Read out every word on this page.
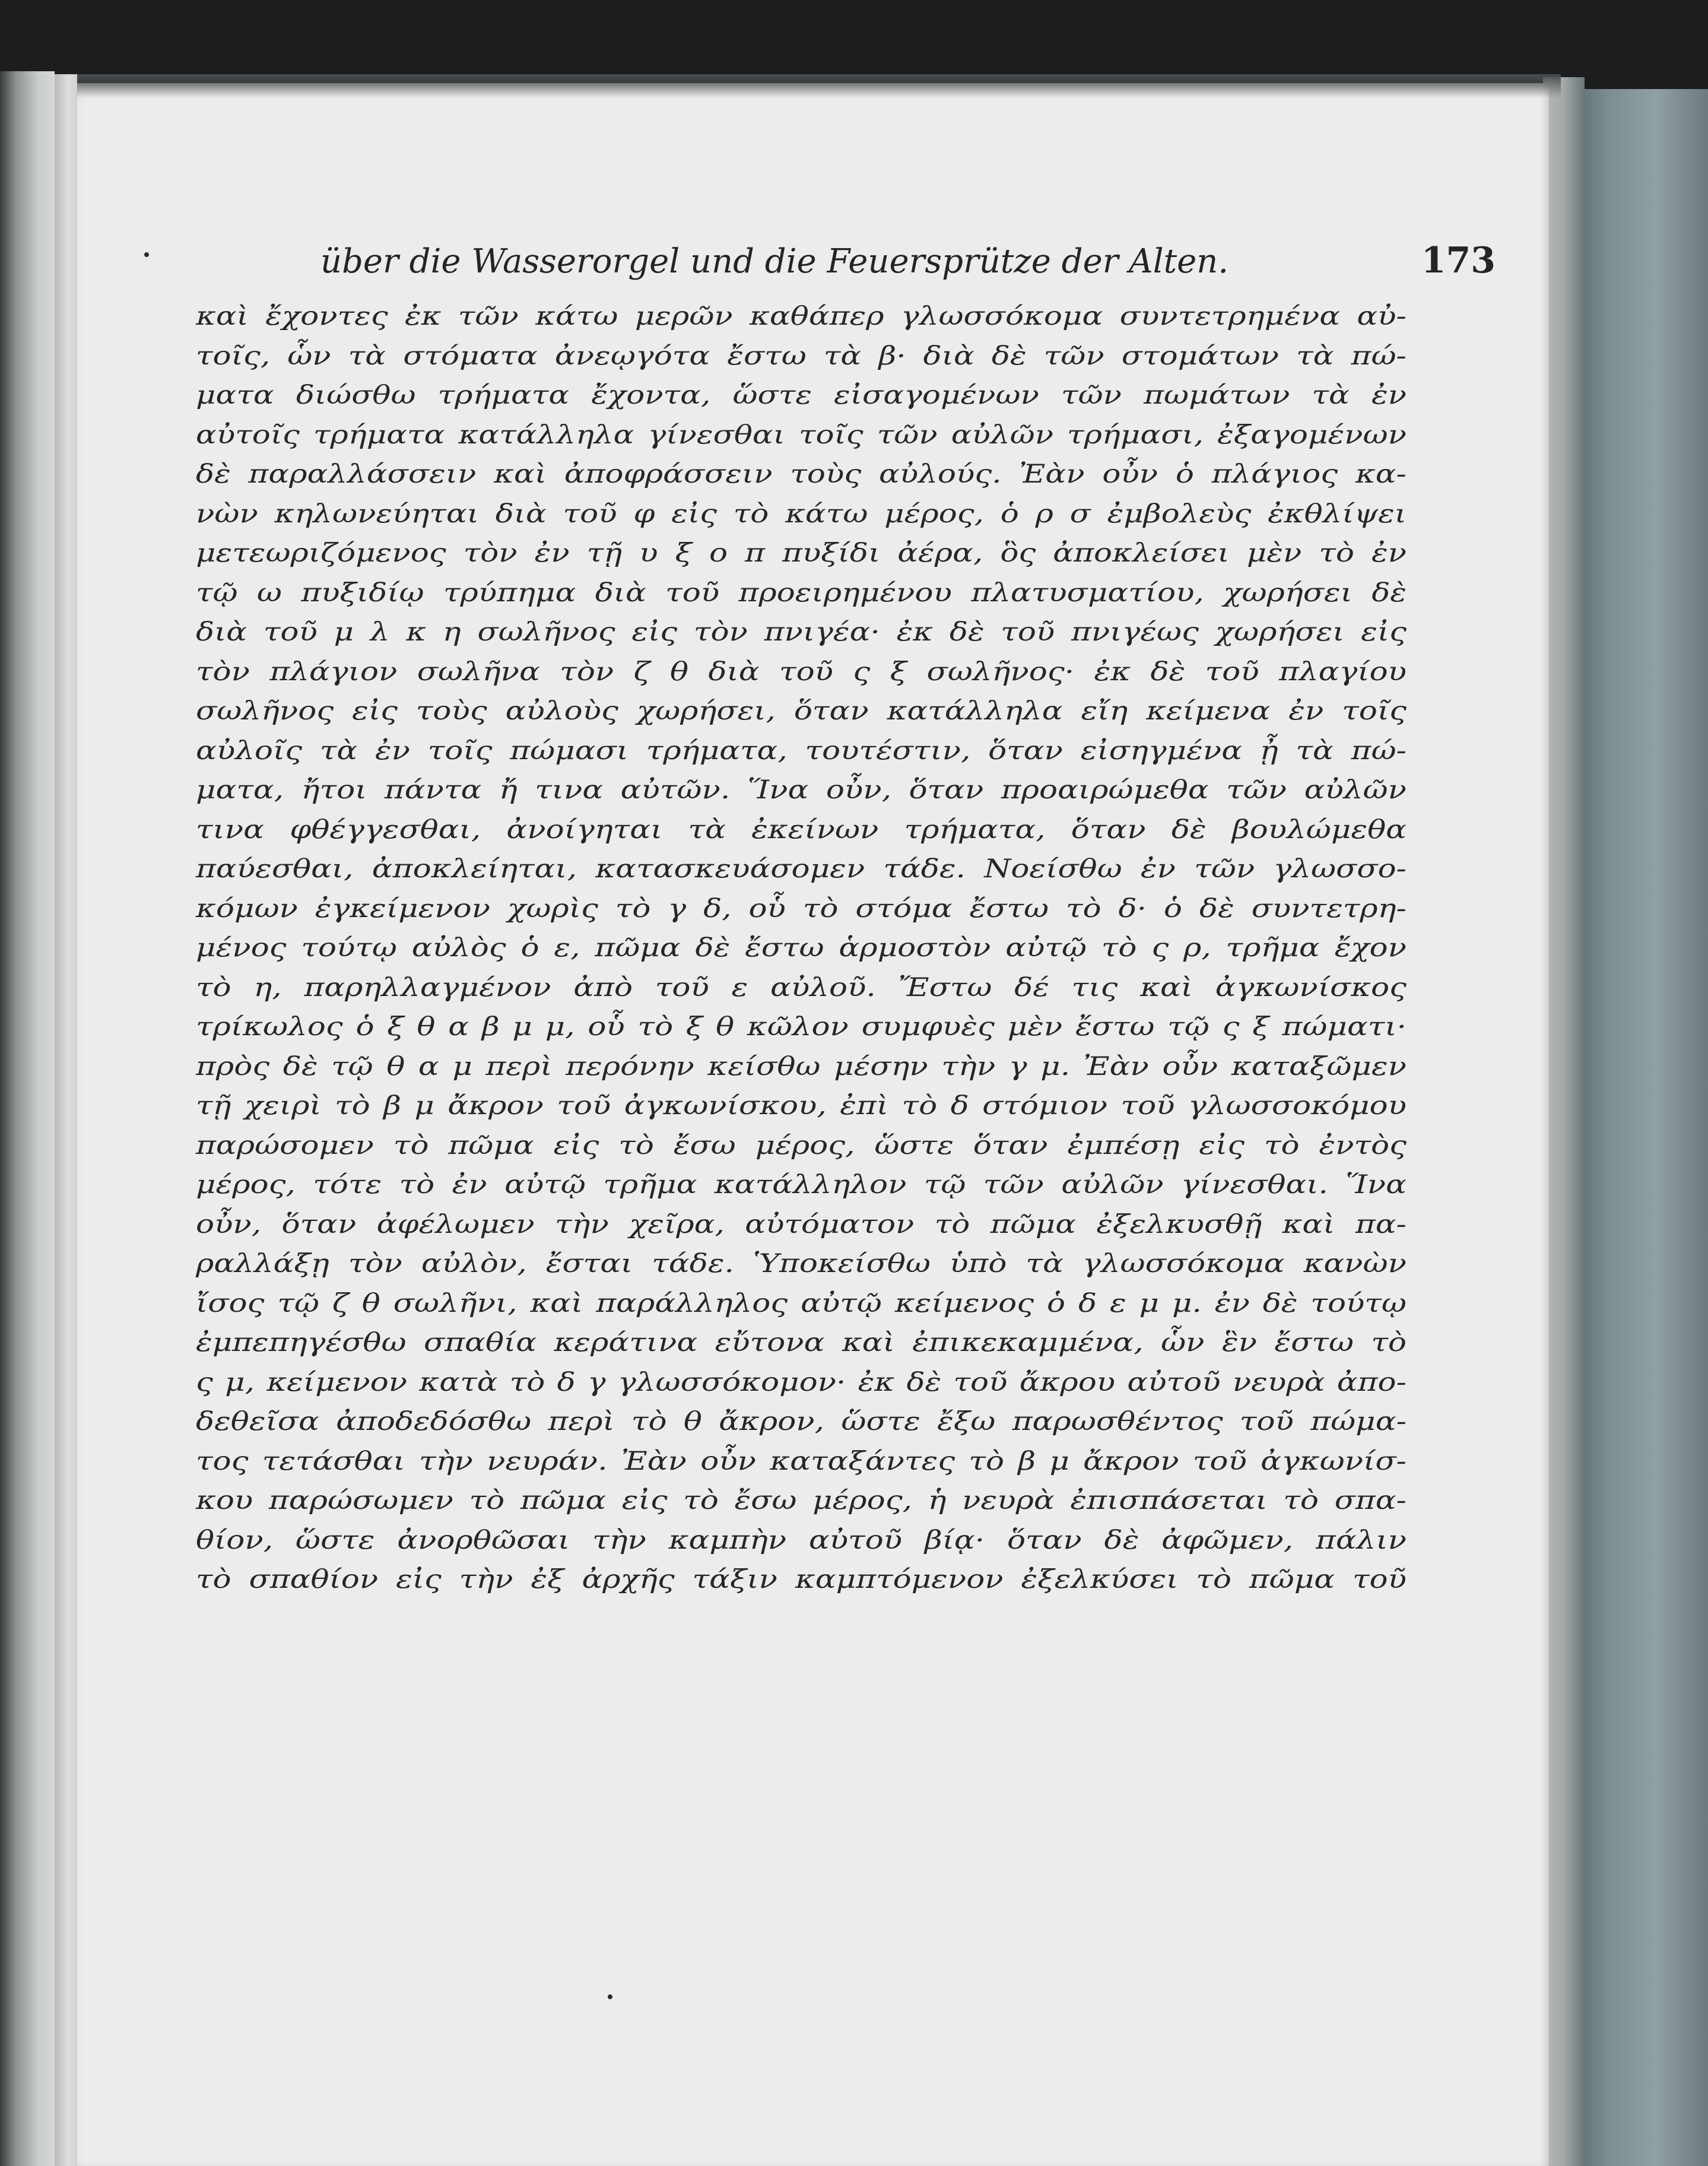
über die Wasserorgel und die Feuersprütze der Alten.	173
καὶ ἔχοντες ἐκ τῶν κάτω μερῶν καθάπερ γλωσσόκομα συντετρημένα αὐ-
τοῖς, ὧν τὰ στόματα ἀνεῳγότα ἔστω τὰ β· διὰ δὲ τῶν στομάτων τὰ πώ-
ματα διώσθω τρήματα ἔχοντα, ὥστε εἰσαγομένων τῶν πωμάτων τὰ ἐν
αὐτοῖς τρήματα κατάλληλα γίνεσθαι τοῖς τῶν αὐλῶν τρήμασι, ἐξαγομένων
δὲ παραλλάσσειν καὶ ἀποφράσσειν τοὺς αὐλούς. Ἐὰν οὖν ὁ πλάγιος κα-
νὼν κηλωνεύηται διὰ τοῦ φ εἰς τὸ κάτω μέρος, ὁ ρ σ ἐμβολεὺς ἐκθλίψει
μετεωριζόμενος τὸν ἐν τῇ υ ξ ο π πυξίδι ἀέρα, ὃς ἀποκλείσει μὲν τὸ ἐν
τῷ ω πυξιδίῳ τρύπημα διὰ τοῦ προειρημένου πλατυσματίου, χωρήσει δὲ
διὰ τοῦ μ λ κ η σωλῆνος εἰς τὸν πνιγέα· ἐκ δὲ τοῦ πνιγέως χωρήσει εἰς
τὸν πλάγιον σωλῆνα τὸν ζ θ διὰ τοῦ ς ξ σωλῆνος· ἐκ δὲ τοῦ πλαγίου
σωλῆνος εἰς τοὺς αὐλοὺς χωρήσει, ὅταν κατάλληλα εἴη κείμενα ἐν τοῖς
αὐλοῖς τὰ ἐν τοῖς πώμασι τρήματα, τουτέστιν, ὅταν εἰσηγμένα ᾖ τὰ πώ-
ματα, ἤτοι πάντα ἤ τινα αὐτῶν. Ἵνα οὖν, ὅταν προαιρώμεθα τῶν αὐλῶν
τινα φθέγγεσθαι, ἀνοίγηται τὰ ἐκείνων τρήματα, ὅταν δὲ βουλώμεθα
παύεσθαι, ἀποκλείηται, κατασκευάσομεν τάδε. Νοείσθω ἐν τῶν γλωσσο-
κόμων ἐγκείμενον χωρὶς τὸ γ δ, οὗ τὸ στόμα ἔστω τὸ δ· ὁ δὲ συντετρη-
μένος τούτῳ αὐλὸς ὁ ε, πῶμα δὲ ἔστω ἁρμοστὸν αὐτῷ τὸ ς ρ, τρῆμα ἔχον
τὸ η, παρηλλαγμένον ἀπὸ τοῦ ε αὐλοῦ. Ἔστω δέ τις καὶ ἀγκωνίσκος
τρίκωλος ὁ ξ θ α β μ μ, οὗ τὸ ξ θ κῶλον συμφυὲς μὲν ἔστω τῷ ς ξ πώματι·
πρὸς δὲ τῷ θ α μ περὶ περόνην κείσθω μέσην τὴν γ μ. Ἐὰν οὖν καταξῶμεν
τῇ χειρὶ τὸ β μ ἄκρον τοῦ ἀγκωνίσκου, ἐπὶ τὸ δ στόμιον τοῦ γλωσσοκόμου
παρώσομεν τὸ πῶμα εἰς τὸ ἔσω μέρος, ὥστε ὅταν ἐμπέσῃ εἰς τὸ ἐντὸς
μέρος, τότε τὸ ἐν αὐτῷ τρῆμα κατάλληλον τῷ τῶν αὐλῶν γίνεσθαι. Ἵνα
οὖν, ὅταν ἀφέλωμεν τὴν χεῖρα, αὐτόματον τὸ πῶμα ἐξελκυσθῇ καὶ πα-
ραλλάξῃ τὸν αὐλὸν, ἔσται τάδε. Ὑποκείσθω ὑπὸ τὰ γλωσσόκομα κανὼν
ἴσος τῷ ζ θ σωλῆνι, καὶ παράλληλος αὐτῷ κείμενος ὁ δ ε μ μ. ἐν δὲ τούτῳ
ἐμπεπηγέσθω σπαθία κεράτινα εὔτονα καὶ ἐπικεκαμμένα, ὧν ἓν ἔστω τὸ
ς μ, κείμενον κατὰ τὸ δ γ γλωσσόκομον· ἐκ δὲ τοῦ ἄκρου αὐτοῦ νευρὰ ἀπο-
δεθεῖσα ἀποδεδόσθω περὶ τὸ θ ἄκρον, ὥστε ἔξω παρωσθέντος τοῦ πώμα-
τος τετάσθαι τὴν νευράν. Ἐὰν οὖν καταξάντες τὸ β μ ἄκρον τοῦ ἀγκωνίσ-
κου παρώσωμεν τὸ πῶμα εἰς τὸ ἔσω μέρος, ἡ νευρὰ ἐπισπάσεται τὸ σπα-
θίον, ὥστε ἀνορθῶσαι τὴν καμπὴν αὐτοῦ βίᾳ· ὅταν δὲ ἀφῶμεν, πάλιν
τὸ σπαθίον εἰς τὴν ἐξ ἀρχῆς τάξιν καμπτόμενον ἐξελκύσει τὸ πῶμα τοῦ
